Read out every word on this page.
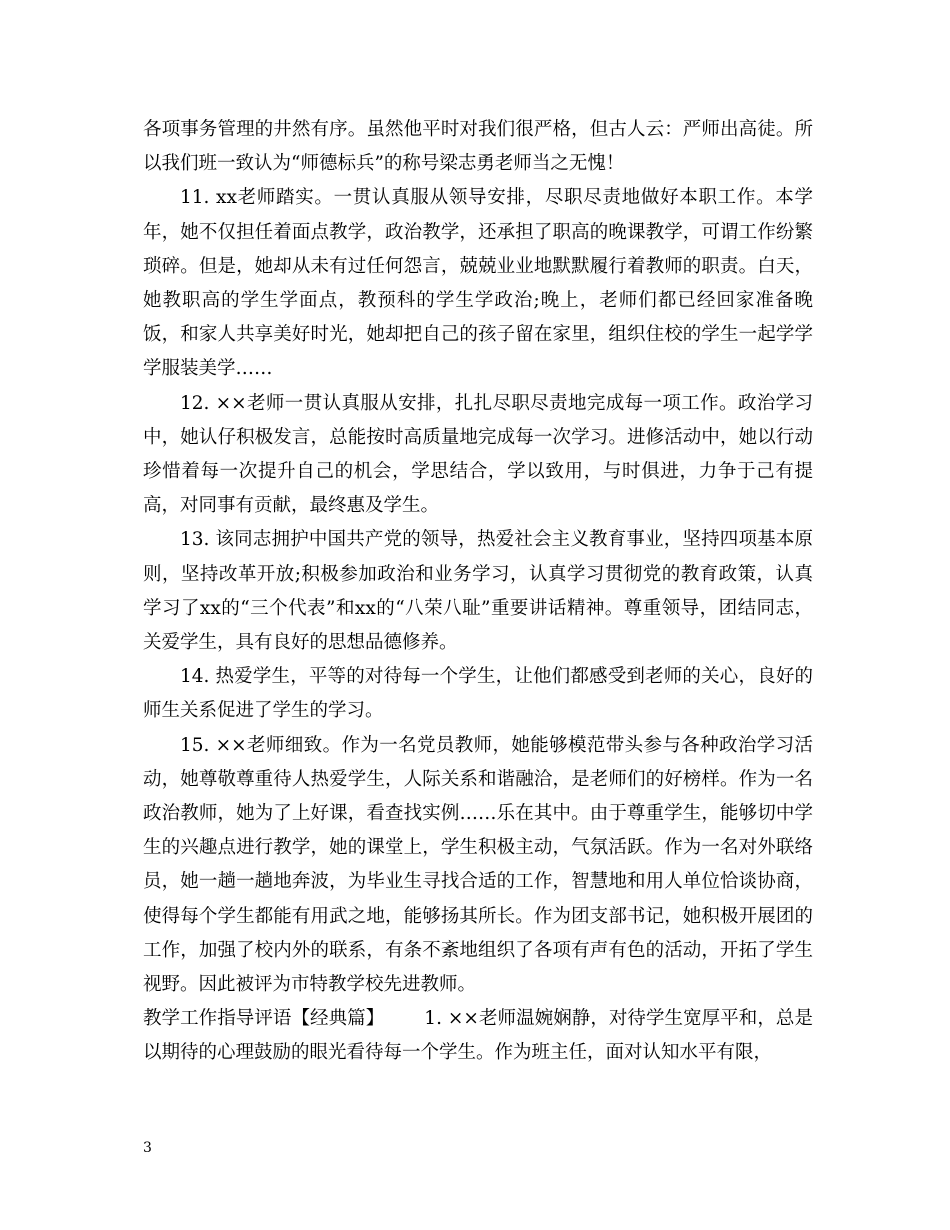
各项事务管理的井然有序。虽然他平时对我们很严格，但古人云：严师出高徒。所以我们班一致认为“师德标兵”的称号梁志勇老师当之无愧！

11. xx老师踏实。一贯认真服从领导安排，尽职尽责地做好本职工作。本学年，她不仅担任着面点教学，政治教学，还承担了职高的晚课教学，可谓工作纷繁琐碎。但是，她却从未有过任何怨言，兢兢业业地默默履行着教师的职责。白天，她教职高的学生学面点，教预科的学生学政治;晚上，老师们都已经回家准备晚饭，和家人共享美好时光，她却把自己的孩子留在家里，组织住校的学生一起学学学服装美学……

12. ××老师一贯认真服从安排，扎扎尽职尽责地完成每一项工作。政治学习中，她认仔积极发言，总能按时高质量地完成每一次学习。进修活动中，她以行动珍惜着每一次提升自己的机会，学思结合，学以致用，与时俱进，力争于己有提高，对同事有贡献，最终惠及学生。

13. 该同志拥护中国共产党的领导，热爱社会主义教育事业，坚持四项基本原则，坚持改革开放;积极参加政治和业务学习，认真学习贯彻党的教育政策，认真学习了xx的“三个代表”和xx的“八荣八耻”重要讲话精神。尊重领导，团结同志，关爱学生，具有良好的思想品德修养。

14. 热爱学生，平等的对待每一个学生，让他们都感受到老师的关心，良好的师生关系促进了学生的学习。

15. ××老师细致。作为一名党员教师，她能够模范带头参与各种政治学习活动，她尊敬尊重待人热爱学生，人际关系和谐融洽，是老师们的好榜样。作为一名政治教师，她为了上好课，看查找实例……乐在其中。由于尊重学生，能够切中学生的兴趣点进行教学，她的课堂上，学生积极主动，气氛活跃。作为一名对外联络员，她一趟一趟地奔波，为毕业生寻找合适的工作，智慧地和用人单位恰谈协商，使得每个学生都能有用武之地，能够扬其所长。作为团支部书记，她积极开展团的工作，加强了校内外的联系，有条不紊地组织了各项有声有色的活动，开拓了学生视野。因此被评为市特教学校先进教师。

教学工作指导评语【经典篇】 1. ××老师温婉娴静，对待学生宽厚平和，总是以期待的心理鼓励的眼光看待每一个学生。作为班主任，面对认知水平有限，

3
